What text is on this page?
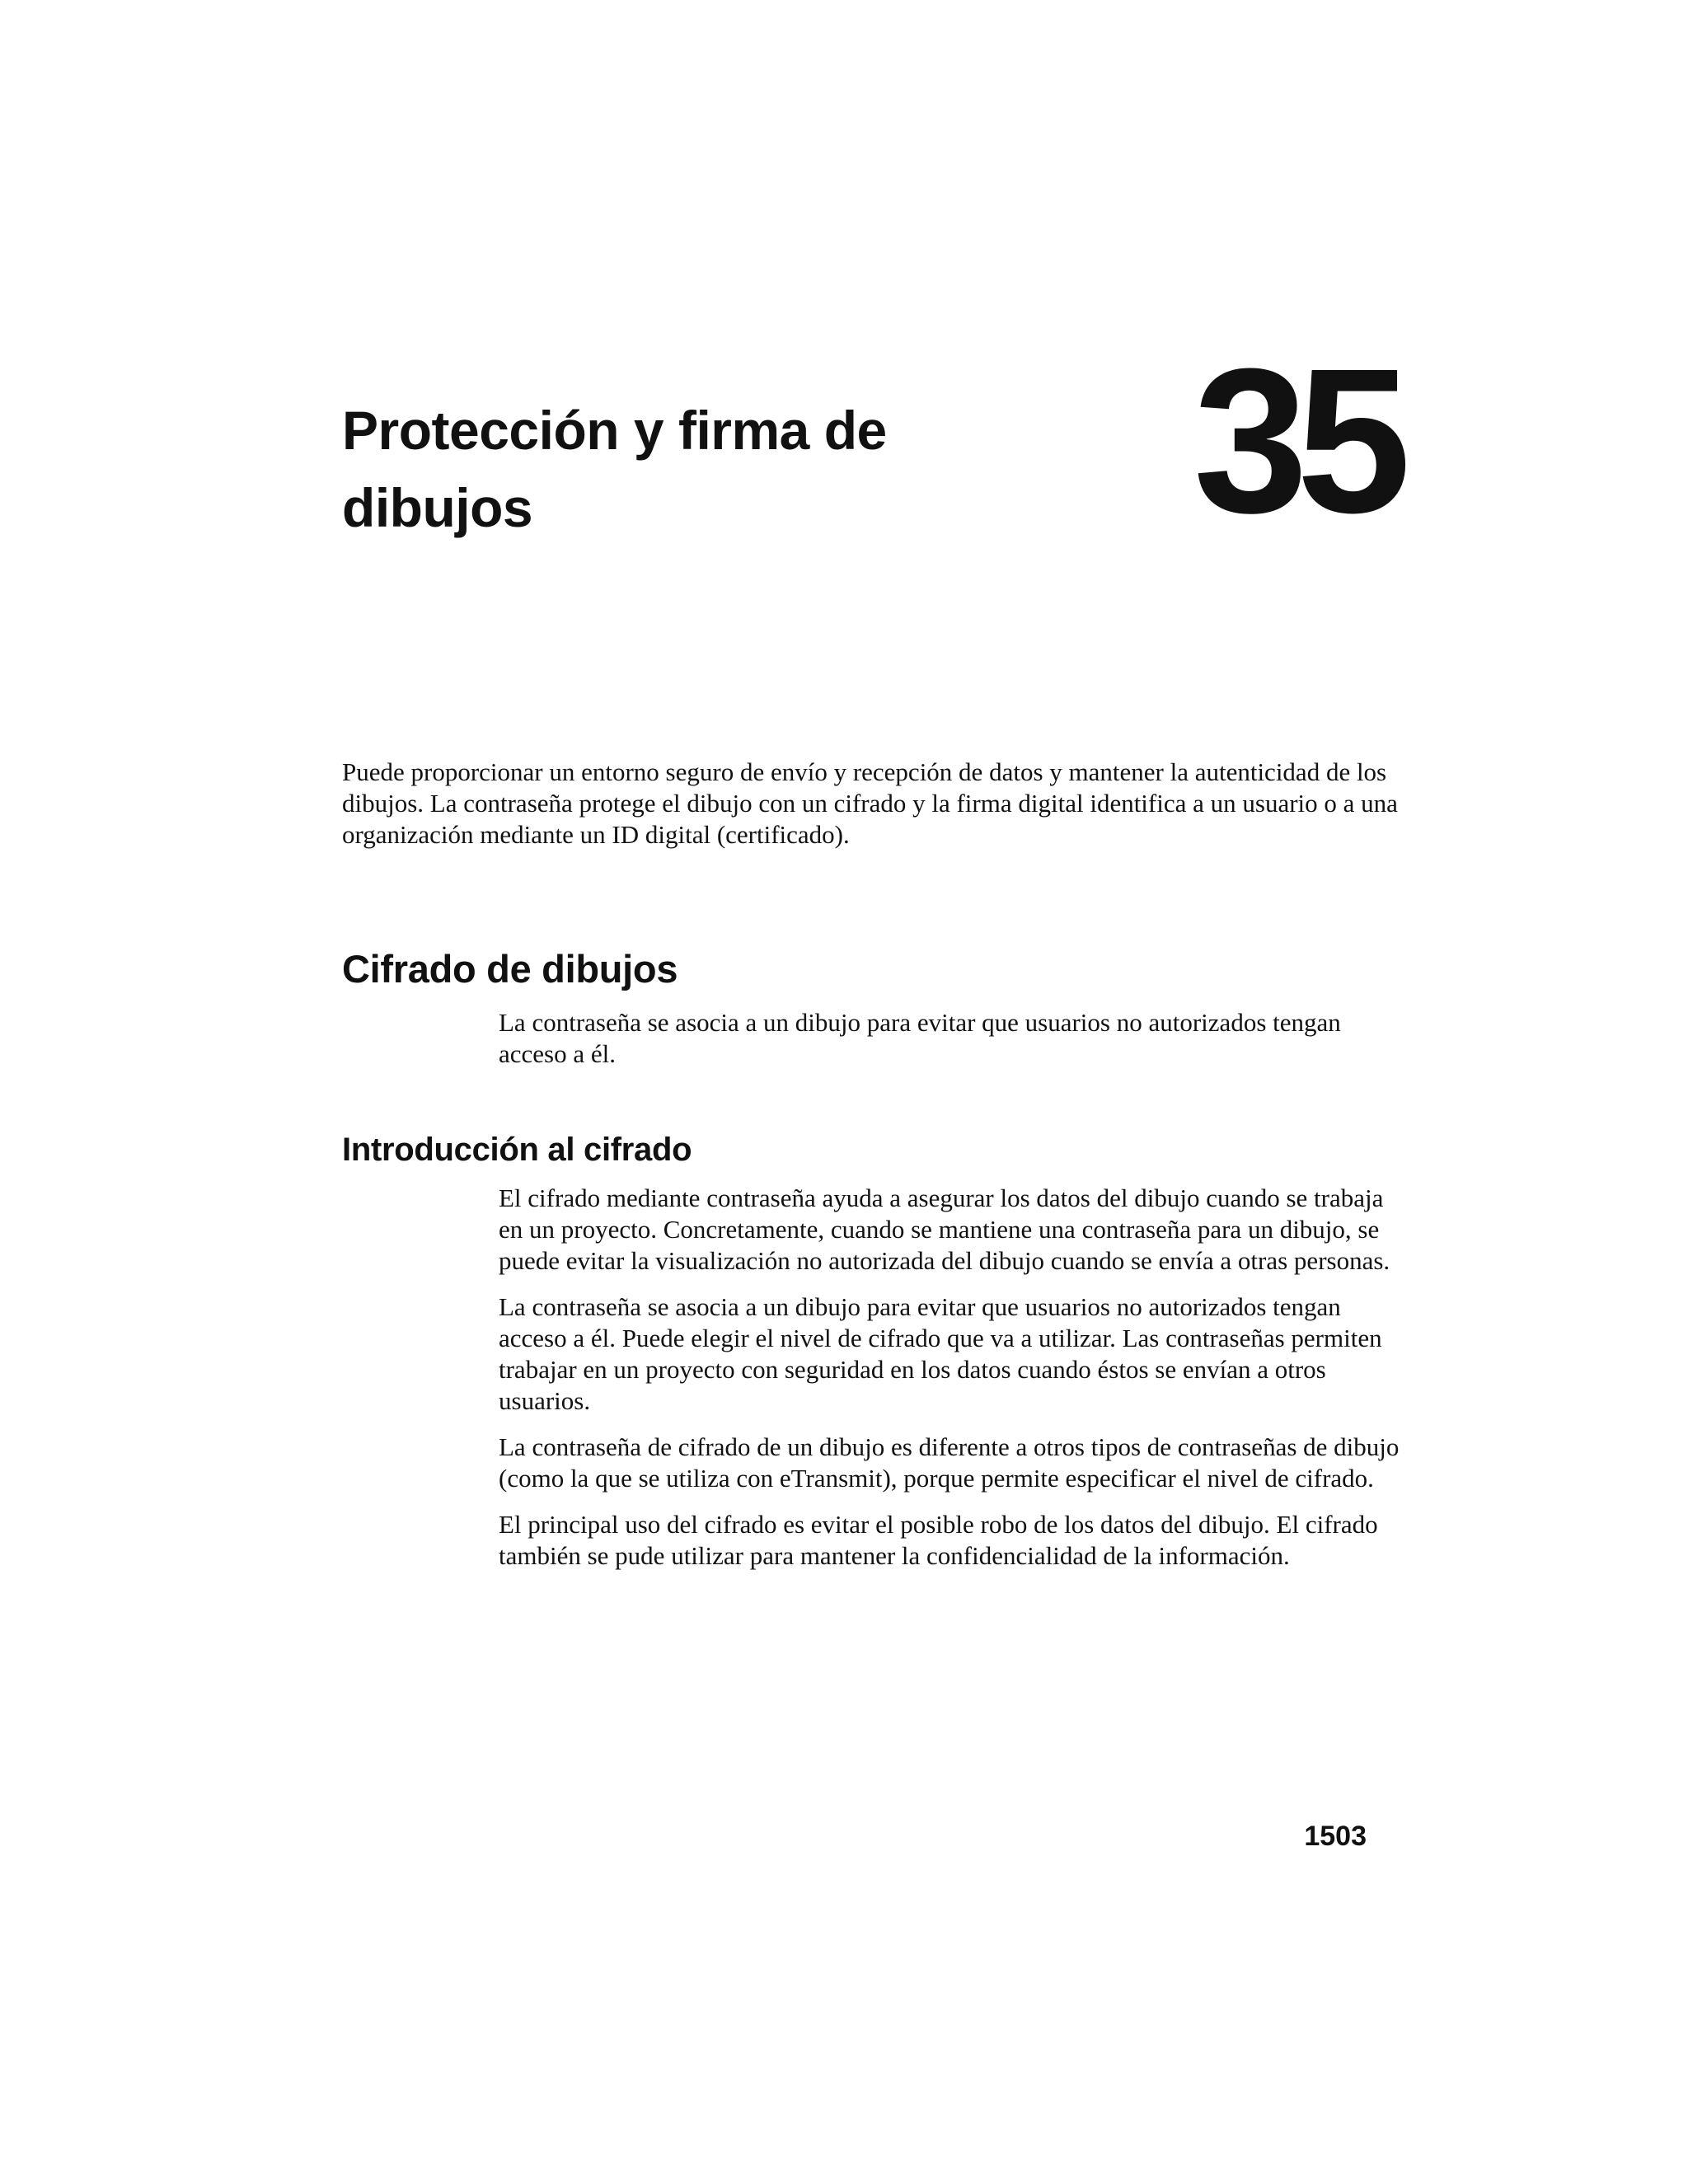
Protección y firma de dibujos	35

Puede proporcionar un entorno seguro de envío y recepción de datos y mantener la autenticidad de los dibujos. La contraseña protege el dibujo con un cifrado y la firma digital identifica a un usuario o a una organización mediante un ID digital (certificado).

Cifrado de dibujos

La contraseña se asocia a un dibujo para evitar que usuarios no autorizados tengan acceso a él.

Introducción al cifrado

El cifrado mediante contraseña ayuda a asegurar los datos del dibujo cuando se trabaja en un proyecto. Concretamente, cuando se mantiene una contraseña para un dibujo, se puede evitar la visualización no autorizada del dibujo cuando se envía a otras personas.

La contraseña se asocia a un dibujo para evitar que usuarios no autorizados tengan acceso a él. Puede elegir el nivel de cifrado que va a utilizar. Las contraseñas permiten trabajar en un proyecto con seguridad en los datos cuando éstos se envían a otros usuarios.

La contraseña de cifrado de un dibujo es diferente a otros tipos de contraseñas de dibujo (como la que se utiliza con eTransmit), porque permite especificar el nivel de cifrado.

El principal uso del cifrado es evitar el posible robo de los datos del dibujo. El cifrado también se pude utilizar para mantener la confidencialidad de la información.

1503
